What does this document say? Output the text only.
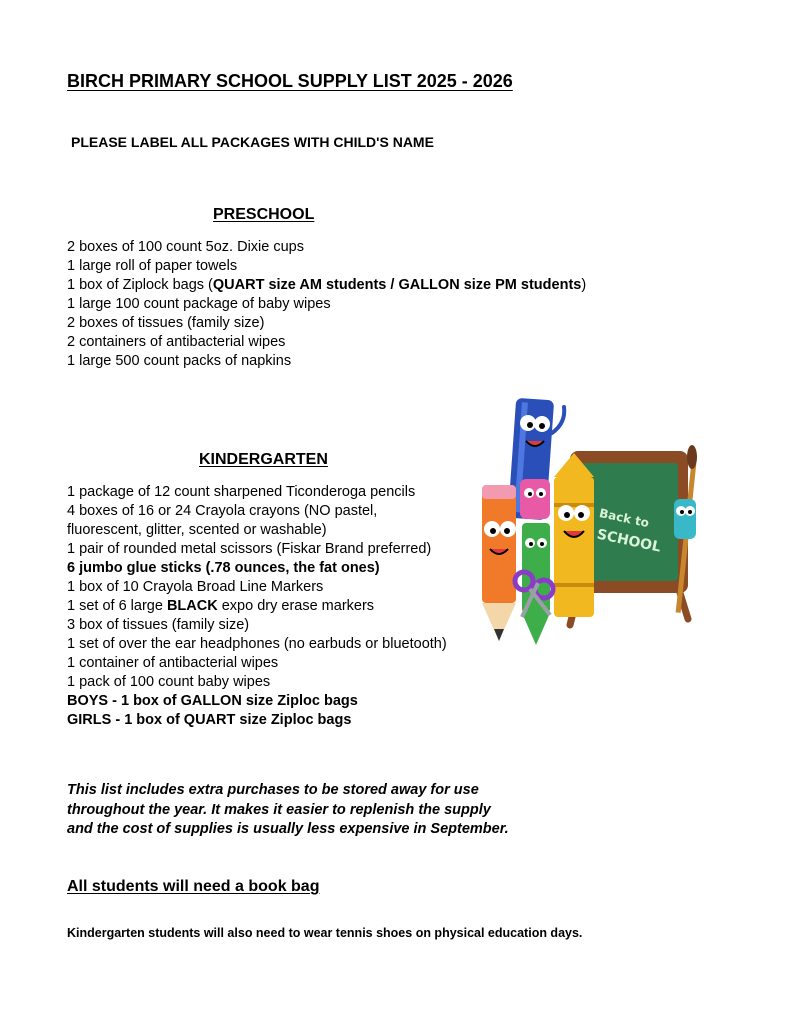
BIRCH PRIMARY SCHOOL SUPPLY LIST 2025 - 2026
PLEASE LABEL ALL PACKAGES WITH CHILD'S NAME
PRESCHOOL
2 boxes of 100 count 5oz. Dixie cups
1 large roll of paper towels
1 box of Ziplock bags (QUART size AM students / GALLON size PM students)
1 large 100 count package of baby wipes
2 boxes of tissues (family size)
2 containers of antibacterial wipes
1 large 500 count packs of napkins
KINDERGARTEN
1 package of 12 count sharpened Ticonderoga pencils
4 boxes of 16 or 24 Crayola crayons (NO pastel,
fluorescent, glitter, scented or washable)
1 pair of rounded metal scissors (Fiskar Brand preferred)
6 jumbo glue sticks (.78 ounces, the fat ones)
1 box of 10 Crayola Broad Line Markers
1 set of 6 large BLACK expo dry erase markers
3 box of tissues (family size)
1 set of over the ear headphones (no earbuds or bluetooth)
1 container of antibacterial wipes
1 pack of 100 count baby wipes
BOYS - 1 box of GALLON size Ziploc bags
GIRLS - 1 box of QUART size Ziploc bags
Back to
SCHOOL
This list includes extra purchases to be stored away for use
throughout the year. It makes it easier to replenish the supply
and the cost of supplies is usually less expensive in September.
All students will need a book bag
Kindergarten students will also need to wear tennis shoes on physical education days.
